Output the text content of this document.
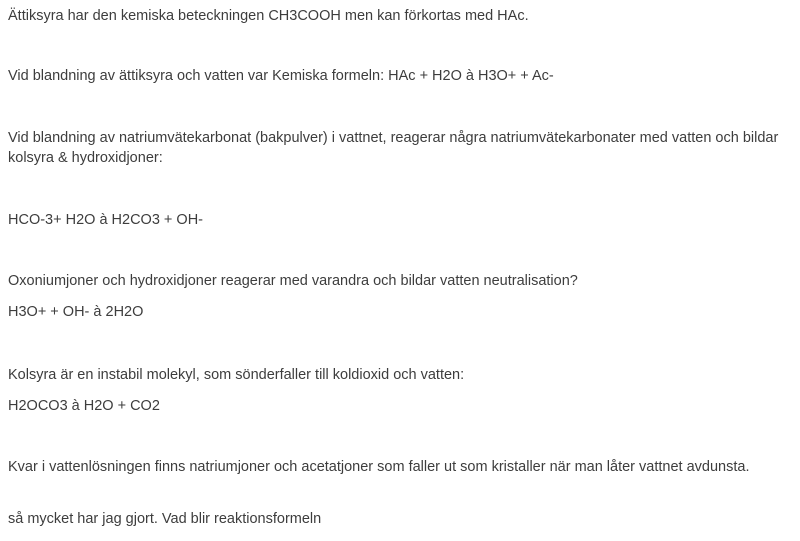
Ättiksyra har den kemiska beteckningen CH3COOH men kan förkortas med HAc.

Vid blandning av ättiksyra och vatten var Kemiska formeln: HAc + H2O à H3O+ + Ac-

Vid blandning av natriumvätekarbonat (bakpulver) i vattnet, reagerar några natriumvätekarbonater med vatten och bildar kolsyra & hydroxidjoner:

HCO-3+ H2O à H2CO3 + OH-

Oxoniumjoner och hydroxidjoner reagerar med varandra och bildar vatten neutralisation?

H3O+ + OH- à 2H2O

Kolsyra är en instabil molekyl, som sönderfaller till koldioxid och vatten:

H2OCO3 à H2O + CO2

Kvar i vattenlösningen finns natriumjoner och acetatjoner som faller ut som kristaller när man låter vattnet avdunsta.

så mycket har jag gjort. Vad blir reaktionsformeln
